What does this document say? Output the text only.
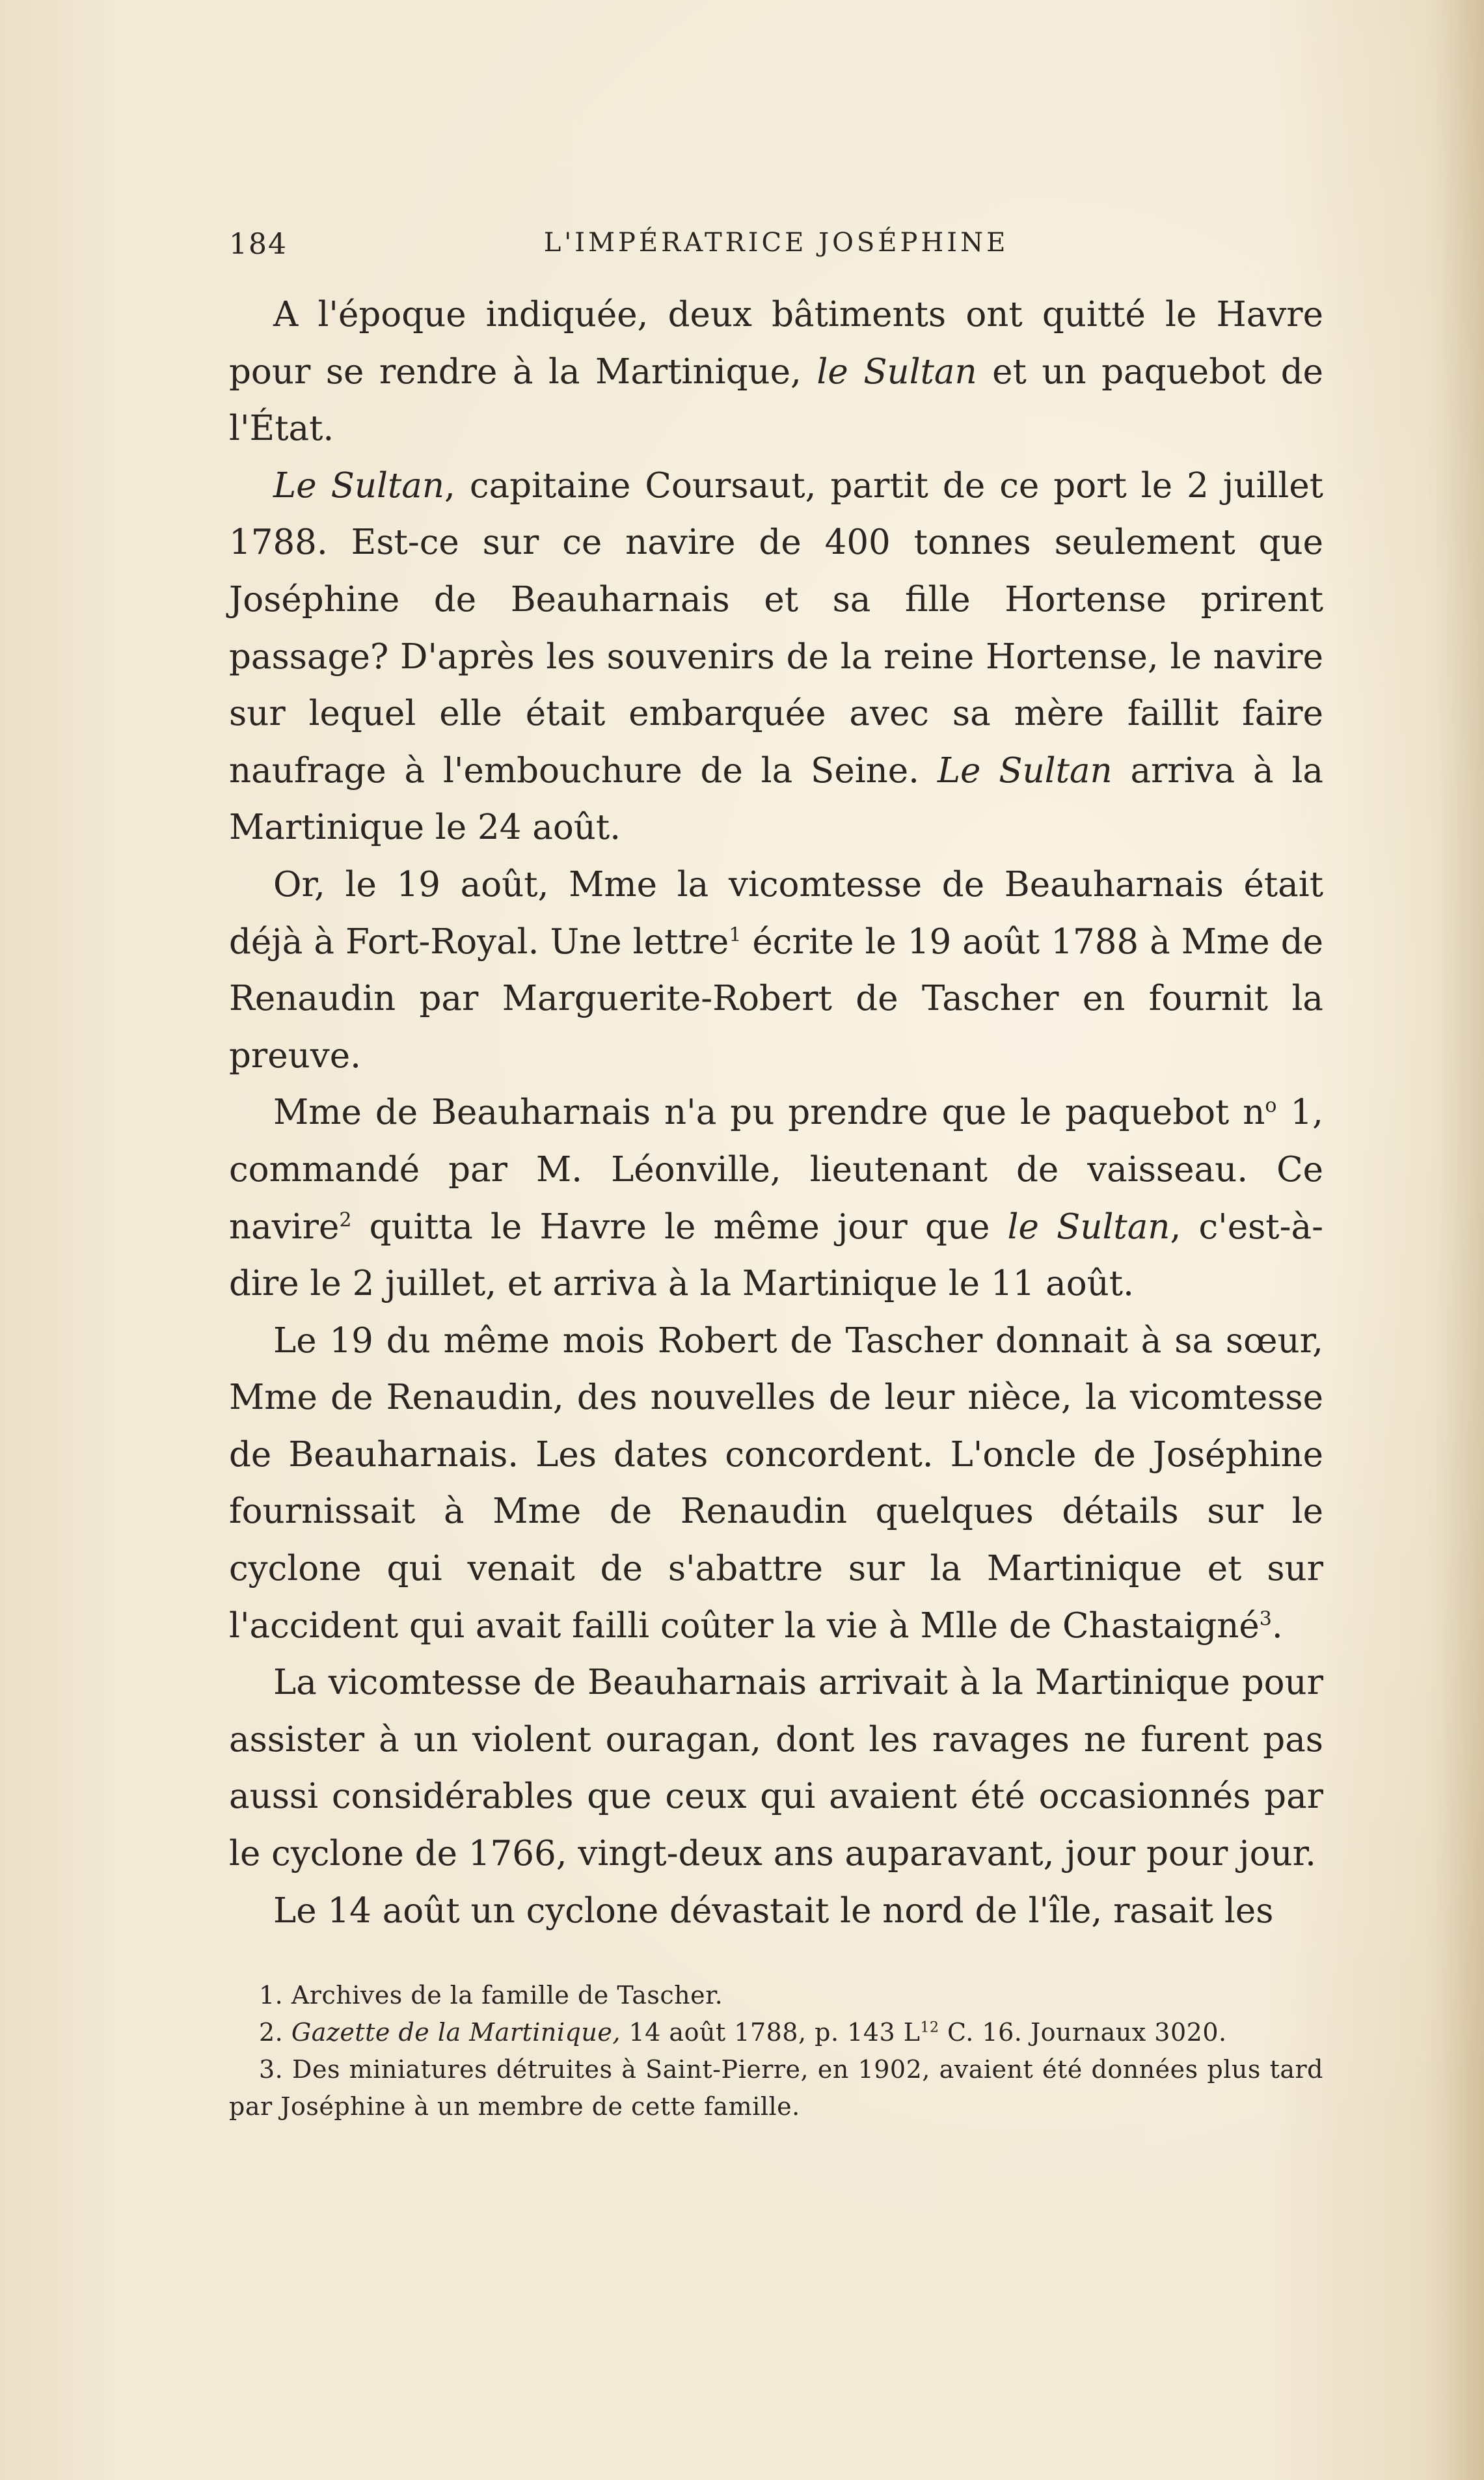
184	L'IMPÉRATRICE JOSÉPHINE

A l'époque indiquée, deux bâtiments ont quitté le Havre pour se rendre à la Martinique, le Sultan et un paquebot de l'État.

Le Sultan, capitaine Coursaut, partit de ce port le 2 juillet 1788. Est-ce sur ce navire de 400 tonnes seulement que Joséphine de Beauharnais et sa fille Hortense prirent passage? D'après les souvenirs de la reine Hortense, le navire sur lequel elle était embarquée avec sa mère faillit faire naufrage à l'embouchure de la Seine. Le Sultan arriva à la Martinique le 24 août.

Or, le 19 août, Mme la vicomtesse de Beauharnais était déjà à Fort-Royal. Une lettre$^1$ écrite le 19 août 1788 à Mme de Renaudin par Marguerite-Robert de Tascher en fournit la preuve.

Mme de Beauharnais n'a pu prendre que le paquebot $n^o$ 1, commandé par M. Léonville, lieutenant de vaisseau. Ce navire$^2$ quitta le Havre le même jour que le Sultan, c'est-à-dire le 2 juillet, et arriva à la Martinique le 11 août.

Le 19 du même mois Robert de Tascher donnait à sa sœur, Mme de Renaudin, des nouvelles de leur nièce, la vicomtesse de Beauharnais. Les dates concordent. L'oncle de Joséphine fournissait à Mme de Renaudin quelques détails sur le cyclone qui venait de s'abattre sur la Martinique et sur l'accident qui avait failli coûter la vie à Mlle de Chastaigné$^3$.

La vicomtesse de Beauharnais arrivait à la Martinique pour assister à un violent ouragan, dont les ravages ne furent pas aussi considérables que ceux qui avaient été occasionnés par le cyclone de 1766, vingt-deux ans auparavant, jour pour jour.

Le 14 août un cyclone dévastait le nord de l'île, rasait les

1. Archives de la famille de Tascher.

2. Gazette de la Martinique, 14 août 1788, p. 143 $L^{12}$ C. 16. Journaux 3020.

3. Des miniatures détruites à Saint-Pierre, en 1902, avaient été données plus tard par Joséphine à un membre de cette famille.
